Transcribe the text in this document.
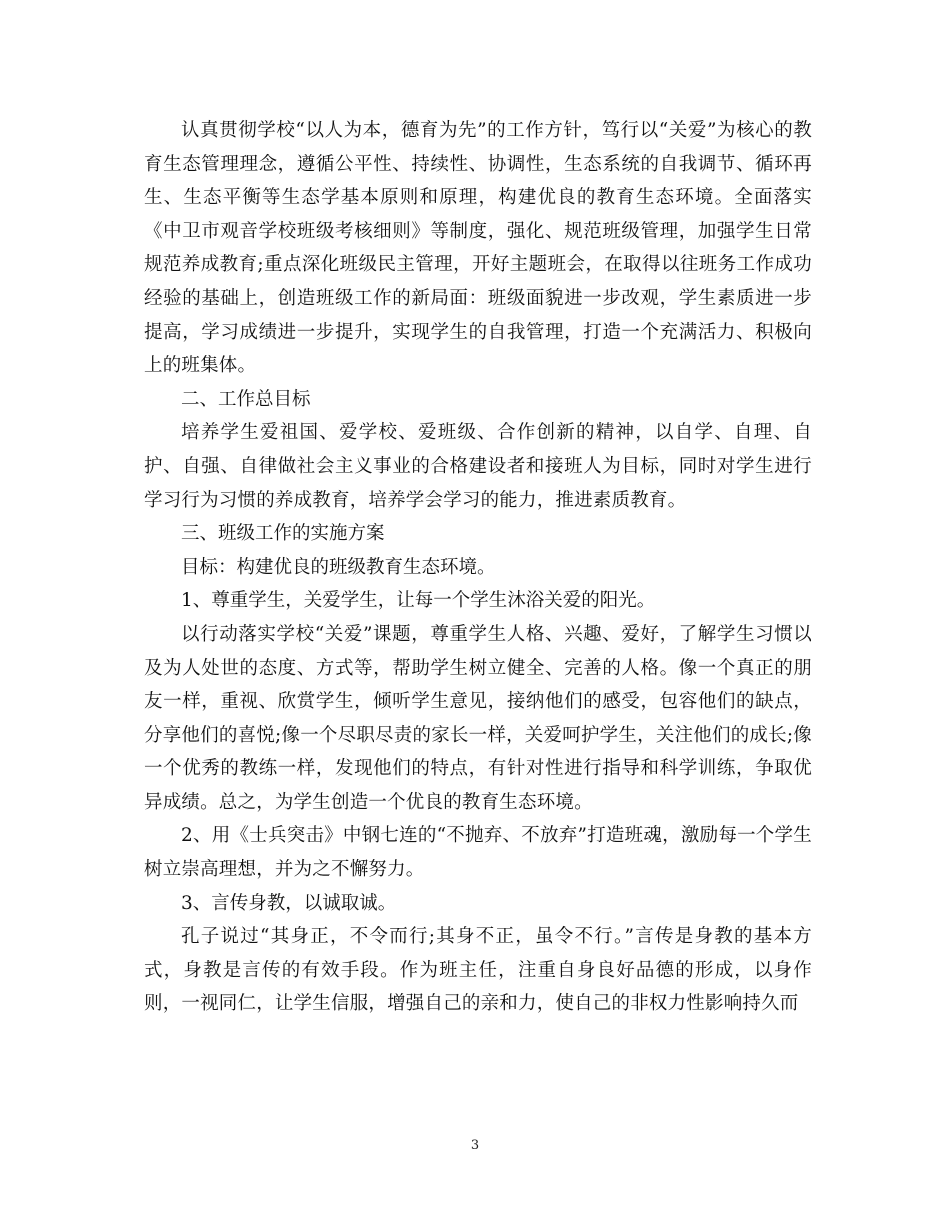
认真贯彻学校“以人为本，德育为先”的工作方针，笃行以“关爱”为核心的教育生态管理理念，遵循公平性、持续性、协调性，生态系统的自我调节、循环再生、生态平衡等生态学基本原则和原理，构建优良的教育生态环境。全面落实《中卫市观音学校班级考核细则》等制度，强化、规范班级管理，加强学生日常规范养成教育;重点深化班级民主管理，开好主题班会，在取得以往班务工作成功经验的基础上，创造班级工作的新局面：班级面貌进一步改观，学生素质进一步提高，学习成绩进一步提升，实现学生的自我管理，打造一个充满活力、积极向上的班集体。

二、工作总目标

培养学生爱祖国、爱学校、爱班级、合作创新的精神，以自学、自理、自护、自强、自律做社会主义事业的合格建设者和接班人为目标，同时对学生进行学习行为习惯的养成教育，培养学会学习的能力，推进素质教育。

三、班级工作的实施方案

目标：构建优良的班级教育生态环境。

1、尊重学生，关爱学生，让每一个学生沐浴关爱的阳光。

以行动落实学校“关爱”课题，尊重学生人格、兴趣、爱好，了解学生习惯以及为人处世的态度、方式等，帮助学生树立健全、完善的人格。像一个真正的朋友一样，重视、欣赏学生，倾听学生意见，接纳他们的感受，包容他们的缺点，分享他们的喜悦;像一个尽职尽责的家长一样，关爱呵护学生，关注他们的成长;像一个优秀的教练一样，发现他们的特点，有针对性进行指导和科学训练，争取优异成绩。总之，为学生创造一个优良的教育生态环境。

2、用《士兵突击》中钢七连的“不抛弃、不放弃”打造班魂，激励每一个学生树立崇高理想，并为之不懈努力。

3、言传身教，以诚取诚。

孔子说过“其身正，不令而行;其身不正，虽令不行。”言传是身教的基本方式，身教是言传的有效手段。作为班主任，注重自身良好品德的形成，以身作则，一视同仁，让学生信服，增强自己的亲和力，使自己的非权力性影响持久而

3
